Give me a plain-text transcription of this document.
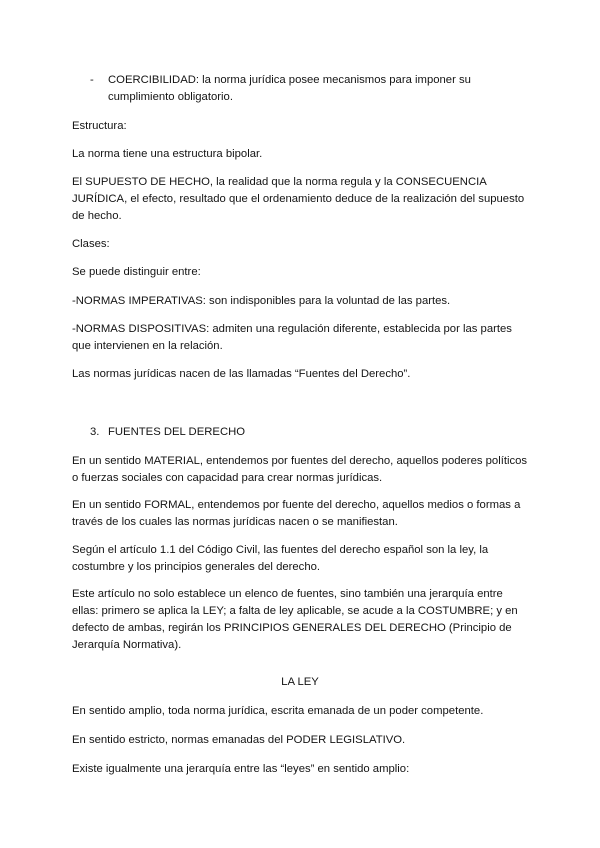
- COERCIBILIDAD: la norma jurídica posee mecanismos para imponer su cumplimiento obligatorio.

Estructura:

La norma tiene una estructura bipolar.

El SUPUESTO DE HECHO, la realidad que la norma regula y la CONSECUENCIA JURÍDICA, el efecto, resultado que el ordenamiento deduce de la realización del supuesto de hecho.

Clases:

Se puede distinguir entre:

-NORMAS IMPERATIVAS: son indisponibles para la voluntad de las partes.

-NORMAS DISPOSITIVAS: admiten una regulación diferente, establecida por las partes que intervienen en la relación.

Las normas jurídicas nacen de las llamadas “Fuentes del Derecho”.

3. FUENTES DEL DERECHO

En un sentido MATERIAL, entendemos por fuentes del derecho, aquellos poderes políticos o fuerzas sociales con capacidad para crear normas jurídicas.

En un sentido FORMAL, entendemos por fuente del derecho, aquellos medios o formas a través de los cuales las normas jurídicas nacen o se manifiestan.

Según el artículo 1.1 del Código Civil, las fuentes del derecho español son la ley, la costumbre y los principios generales del derecho.

Este artículo no solo establece un elenco de fuentes, sino también una jerarquía entre ellas: primero se aplica la LEY; a falta de ley aplicable, se acude a la COSTUMBRE; y en defecto de ambas, regirán los PRINCIPIOS GENERALES DEL DERECHO (Principio de Jerarquía Normativa).

LA LEY

En sentido amplio, toda norma jurídica, escrita emanada de un poder competente.

En sentido estricto, normas emanadas del PODER LEGISLATIVO.

Existe igualmente una jerarquía entre las “leyes” en sentido amplio:
